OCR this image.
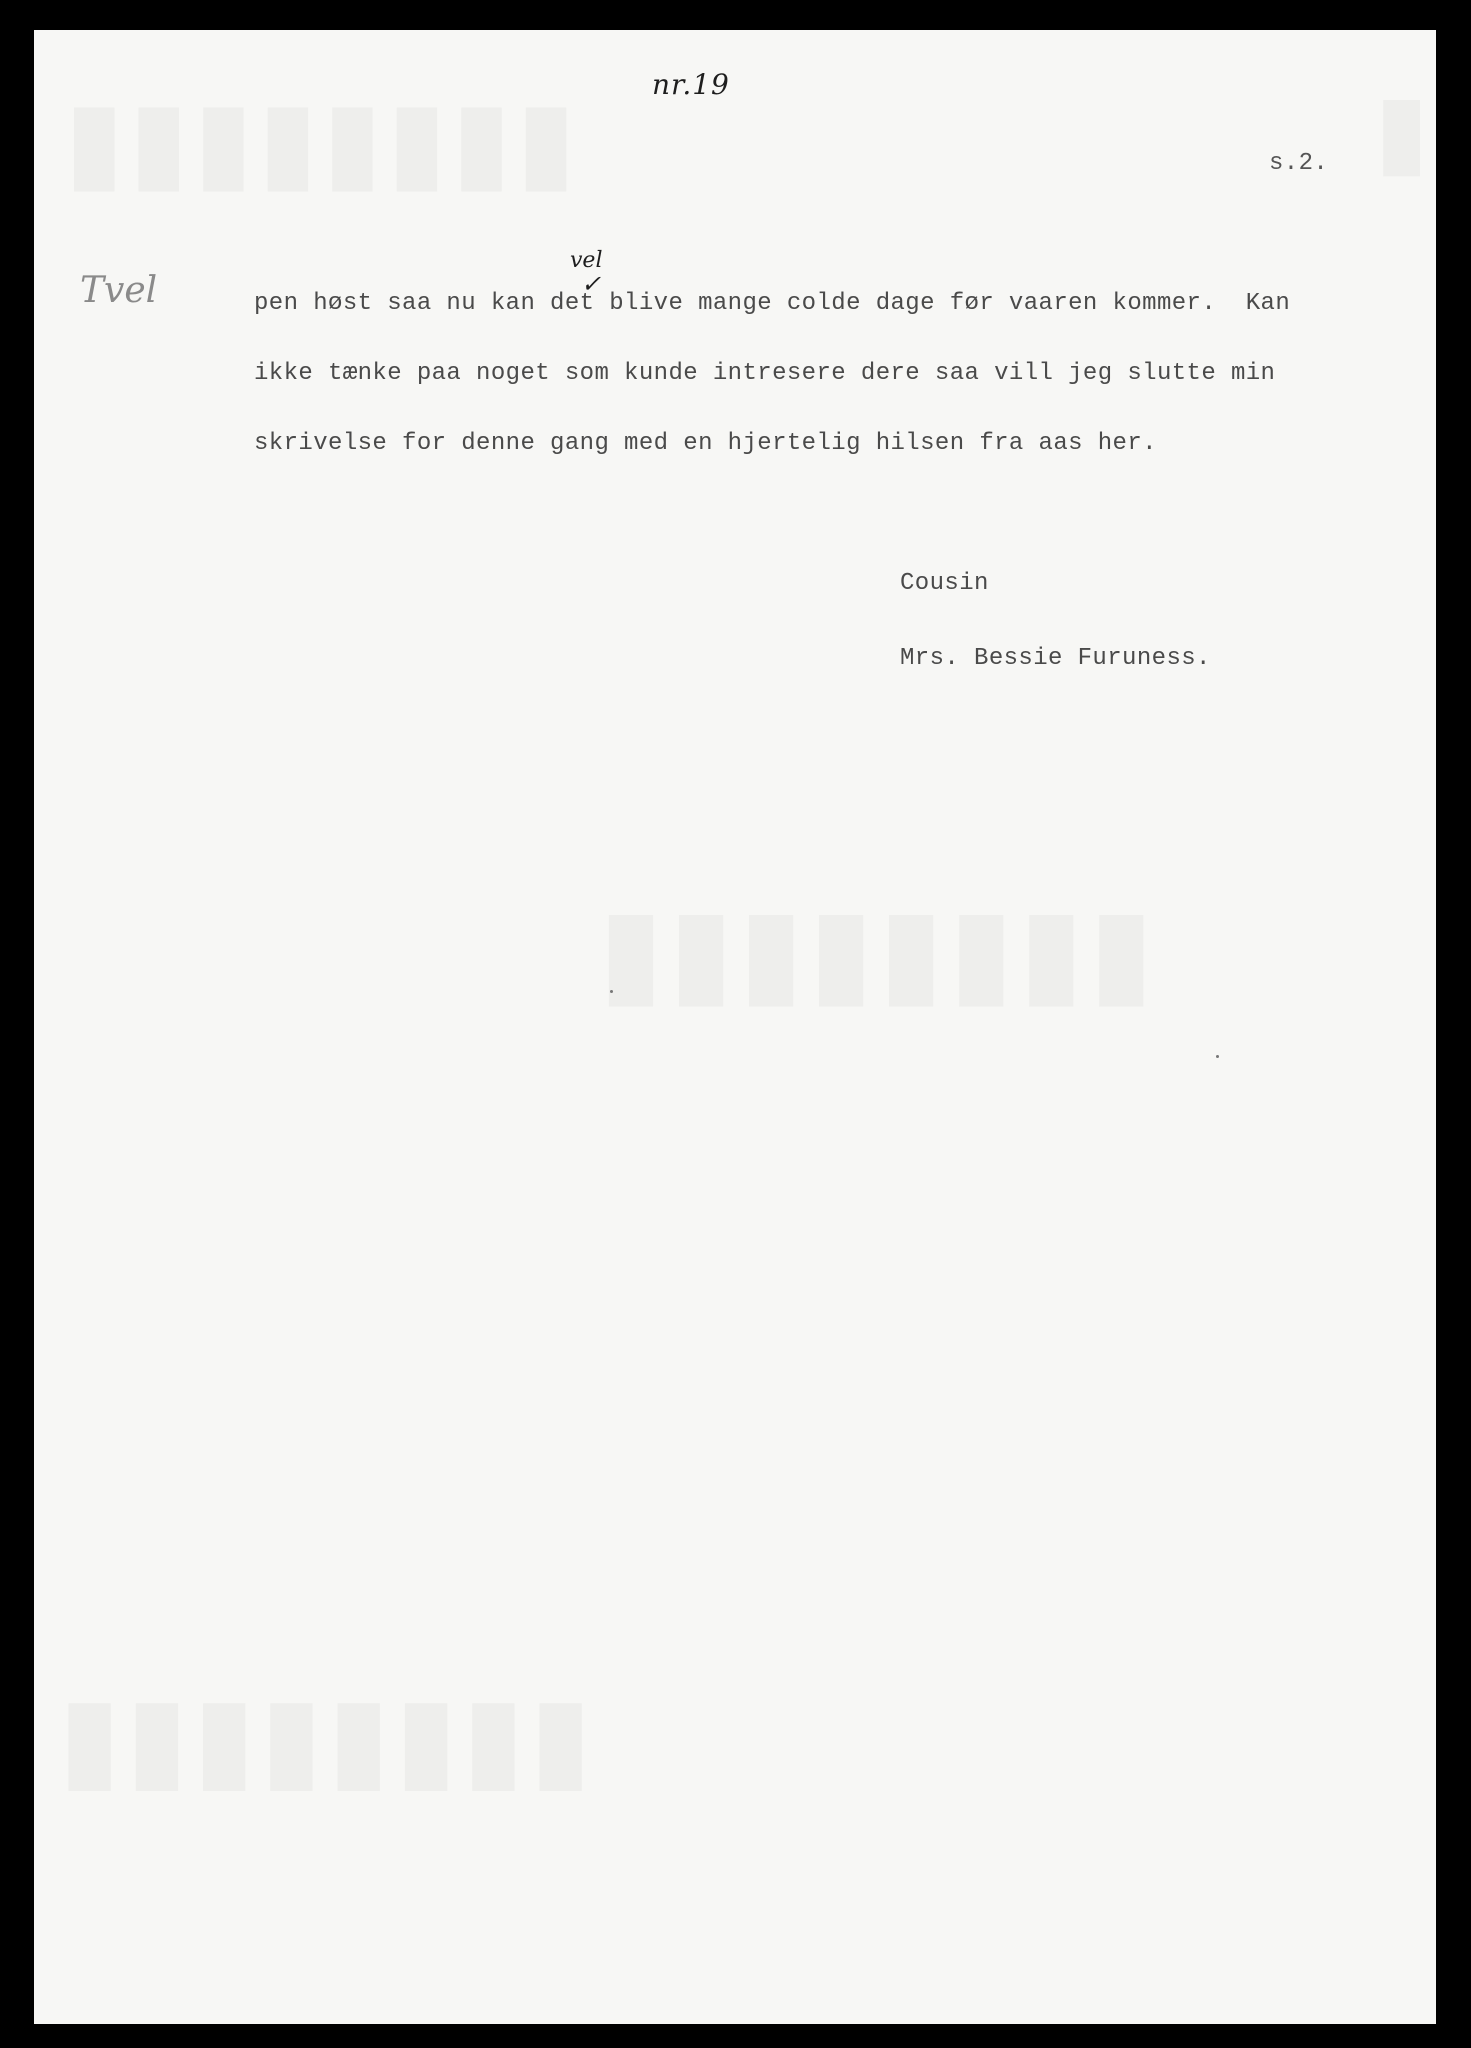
nr.19
s.2.
Tvel
vel
✓
pen høst saa nu kan det blive mange colde dage før vaaren kommer.  Kan
ikke tænke paa noget som kunde intresere dere saa vill jeg slutte min
skrivelse for denne gang med en hjertelig hilsen fra aas her.
Cousin
Mrs. Bessie Furuness.
